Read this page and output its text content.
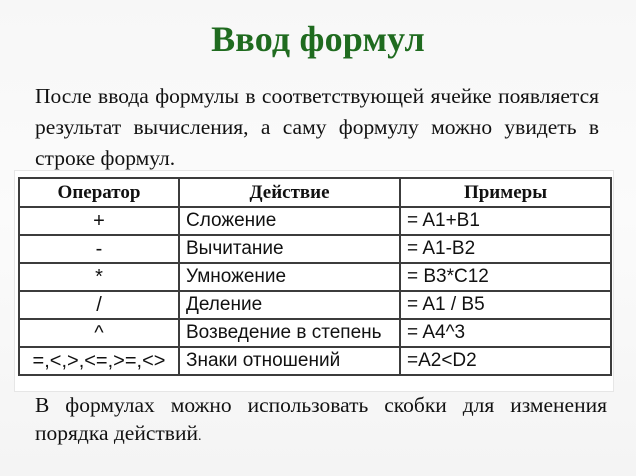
Ввод формул
После ввода формулы в соответствующей ячейке появляется результат вычисления, а саму формулу можно увидеть в строке формул.
Оператор	Действие	Примеры
+	Сложение	= A1+B1
-	Вычитание	= A1-B2
*	Умножение	= B3*C12
/	Деление	= A1 / B5
^	Возведение в степень	= A4^3
=,<,>,<=,>=,<>	Знаки отношений	=A2<D2
В формулах можно использовать скобки для изменения порядка действий.
